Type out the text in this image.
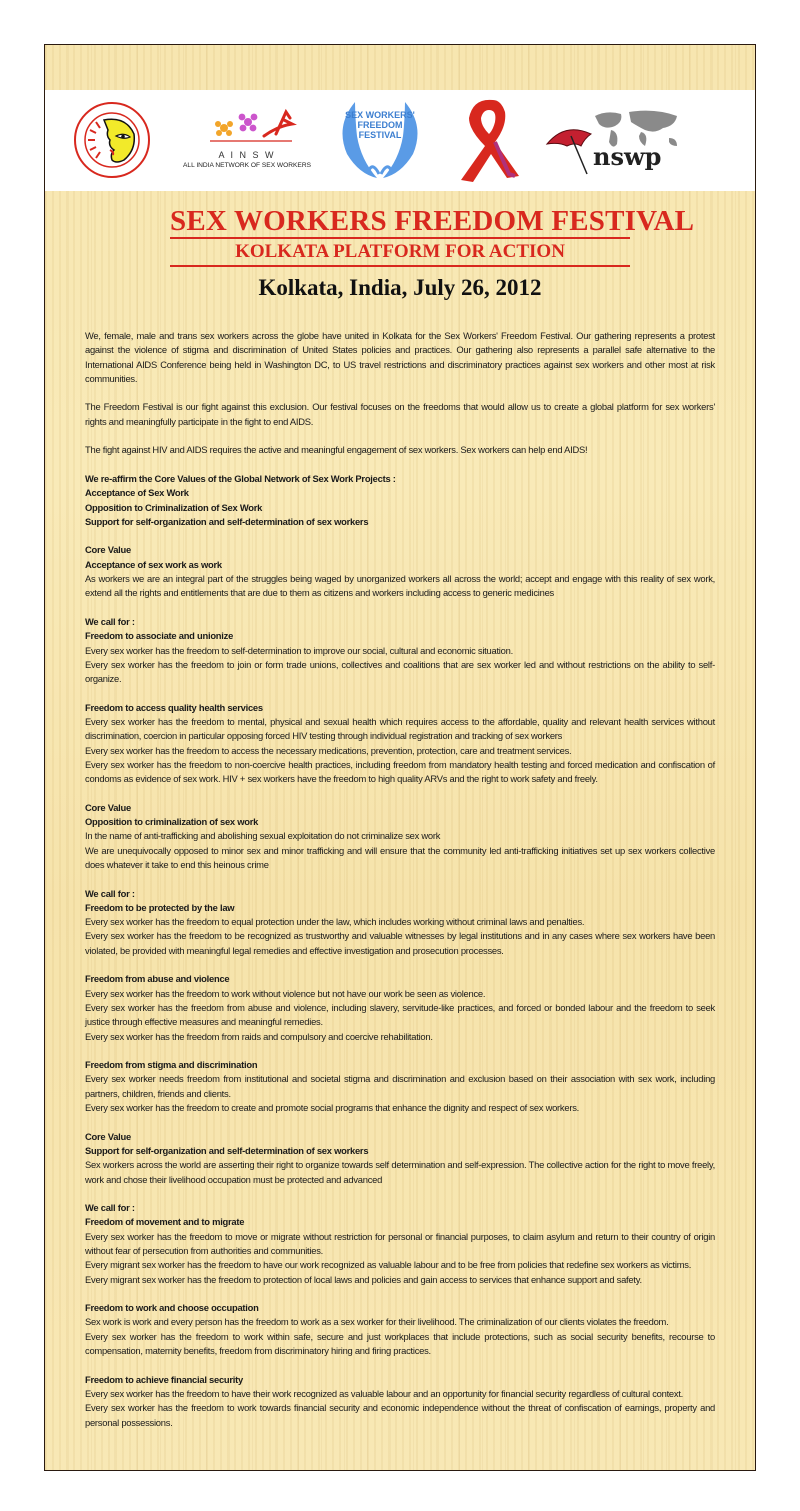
A I N S W
ALL INDIA NETWORK OF SEX WORKERS
SEX WORKERS'
FREEDOM
FESTIVAL
nswp
SEX WORKERS FREEDOM FESTIVAL
KOLKATA PLATFORM FOR ACTION
Kolkata, India, July 26, 2012

We, female, male and trans sex workers across the globe have united in Kolkata for the Sex Workers' Freedom Festival. Our gathering represents a protest against the violence of stigma and discrimination of United States policies and practices. Our gathering also represents a parallel safe alternative to the International AIDS Conference being held in Washington DC, to US travel restrictions and discriminatory practices against sex workers and other most at risk communities.

The Freedom Festival is our fight against this exclusion. Our festival focuses on the freedoms that would allow us to create a global platform for sex workers' rights and meaningfully participate in the fight to end AIDS.

The fight against HIV and AIDS requires the active and meaningful engagement of sex workers. Sex workers can help end AIDS!

We re-affirm the Core Values of the Global Network of Sex Work Projects :
Acceptance of Sex Work
Opposition to Criminalization of Sex Work
Support for self-organization and self-determination of sex workers
Core Value
Acceptance of sex work as work
As workers we are an integral part of the struggles being waged by unorganized workers all across the world; accept and engage with this reality of sex work, extend all the rights and entitlements that are due to them as citizens and workers including access to generic medicines
We call for :
Freedom to associate and unionize
Every sex worker has the freedom to self-determination to improve our social, cultural and economic situation.
Every sex worker has the freedom to join or form trade unions, collectives and coalitions that are sex worker led and without restrictions on the ability to self-organize.
Freedom to access quality health services
Every sex worker has the freedom to mental, physical and sexual health which requires access to the affordable, quality and relevant health services without discrimination, coercion in particular opposing forced HIV testing through individual registration and tracking of sex workers
Every sex worker has the freedom to access the necessary medications, prevention, protection, care and treatment services.
Every sex worker has the freedom to non-coercive health practices, including freedom from mandatory health testing and forced medication and confiscation of condoms as evidence of sex work. HIV + sex workers have the freedom to high quality ARVs and the right to work safety and freely.
Core Value
Opposition to criminalization of sex work
In the name of anti-trafficking and abolishing sexual exploitation do not criminalize sex work
We are unequivocally opposed to minor sex and minor trafficking and will ensure that the community led anti-trafficking initiatives set up sex workers collective does whatever it take to end this heinous crime
We call for :
Freedom to be protected by the law
Every sex worker has the freedom to equal protection under the law, which includes working without criminal laws and penalties.
Every sex worker has the freedom to be recognized as trustworthy and valuable witnesses by legal institutions and in any cases where sex workers have been violated, be provided with meaningful legal remedies and effective investigation and prosecution processes.
Freedom from abuse and violence
Every sex worker has the freedom to work without violence but not have our work be seen as violence.
Every sex worker has the freedom from abuse and violence, including slavery, servitude-like practices, and forced or bonded labour and the freedom to seek justice through effective measures and meaningful remedies.
Every sex worker has the freedom from raids and compulsory and coercive rehabilitation.
Freedom from stigma and discrimination
Every sex worker needs freedom from institutional and societal stigma and discrimination and exclusion based on their association with sex work, including partners, children, friends and clients.
Every sex worker has the freedom to create and promote social programs that enhance the dignity and respect of sex workers.
Core Value
Support for self-organization and self-determination of sex workers
Sex workers across the world are asserting their right to organize towards self determination and self-expression. The collective action for the right to move freely, work and chose their livelihood occupation must be protected and advanced
We call for :
Freedom of movement and to migrate
Every sex worker has the freedom to move or migrate without restriction for personal or financial purposes, to claim asylum and return to their country of origin without fear of persecution from authorities and communities.
Every migrant sex worker has the freedom to have our work recognized as valuable labour and to be free from policies that redefine sex workers as victims.
Every migrant sex worker has the freedom to protection of local laws and policies and gain access to services that enhance support and safety.
Freedom to work and choose occupation
Sex work is work and every person has the freedom to work as a sex worker for their livelihood. The criminalization of our clients violates the freedom.
Every sex worker has the freedom to work within safe, secure and just workplaces that include protections, such as social security benefits, recourse to compensation, maternity benefits, freedom from discriminatory hiring and firing practices.
Freedom to achieve financial security
Every sex worker has the freedom to have their work recognized as valuable labour and an opportunity for financial security regardless of cultural context.
Every sex worker has the freedom to work towards financial security and economic independence without the threat of confiscation of earnings, property and personal possessions.
